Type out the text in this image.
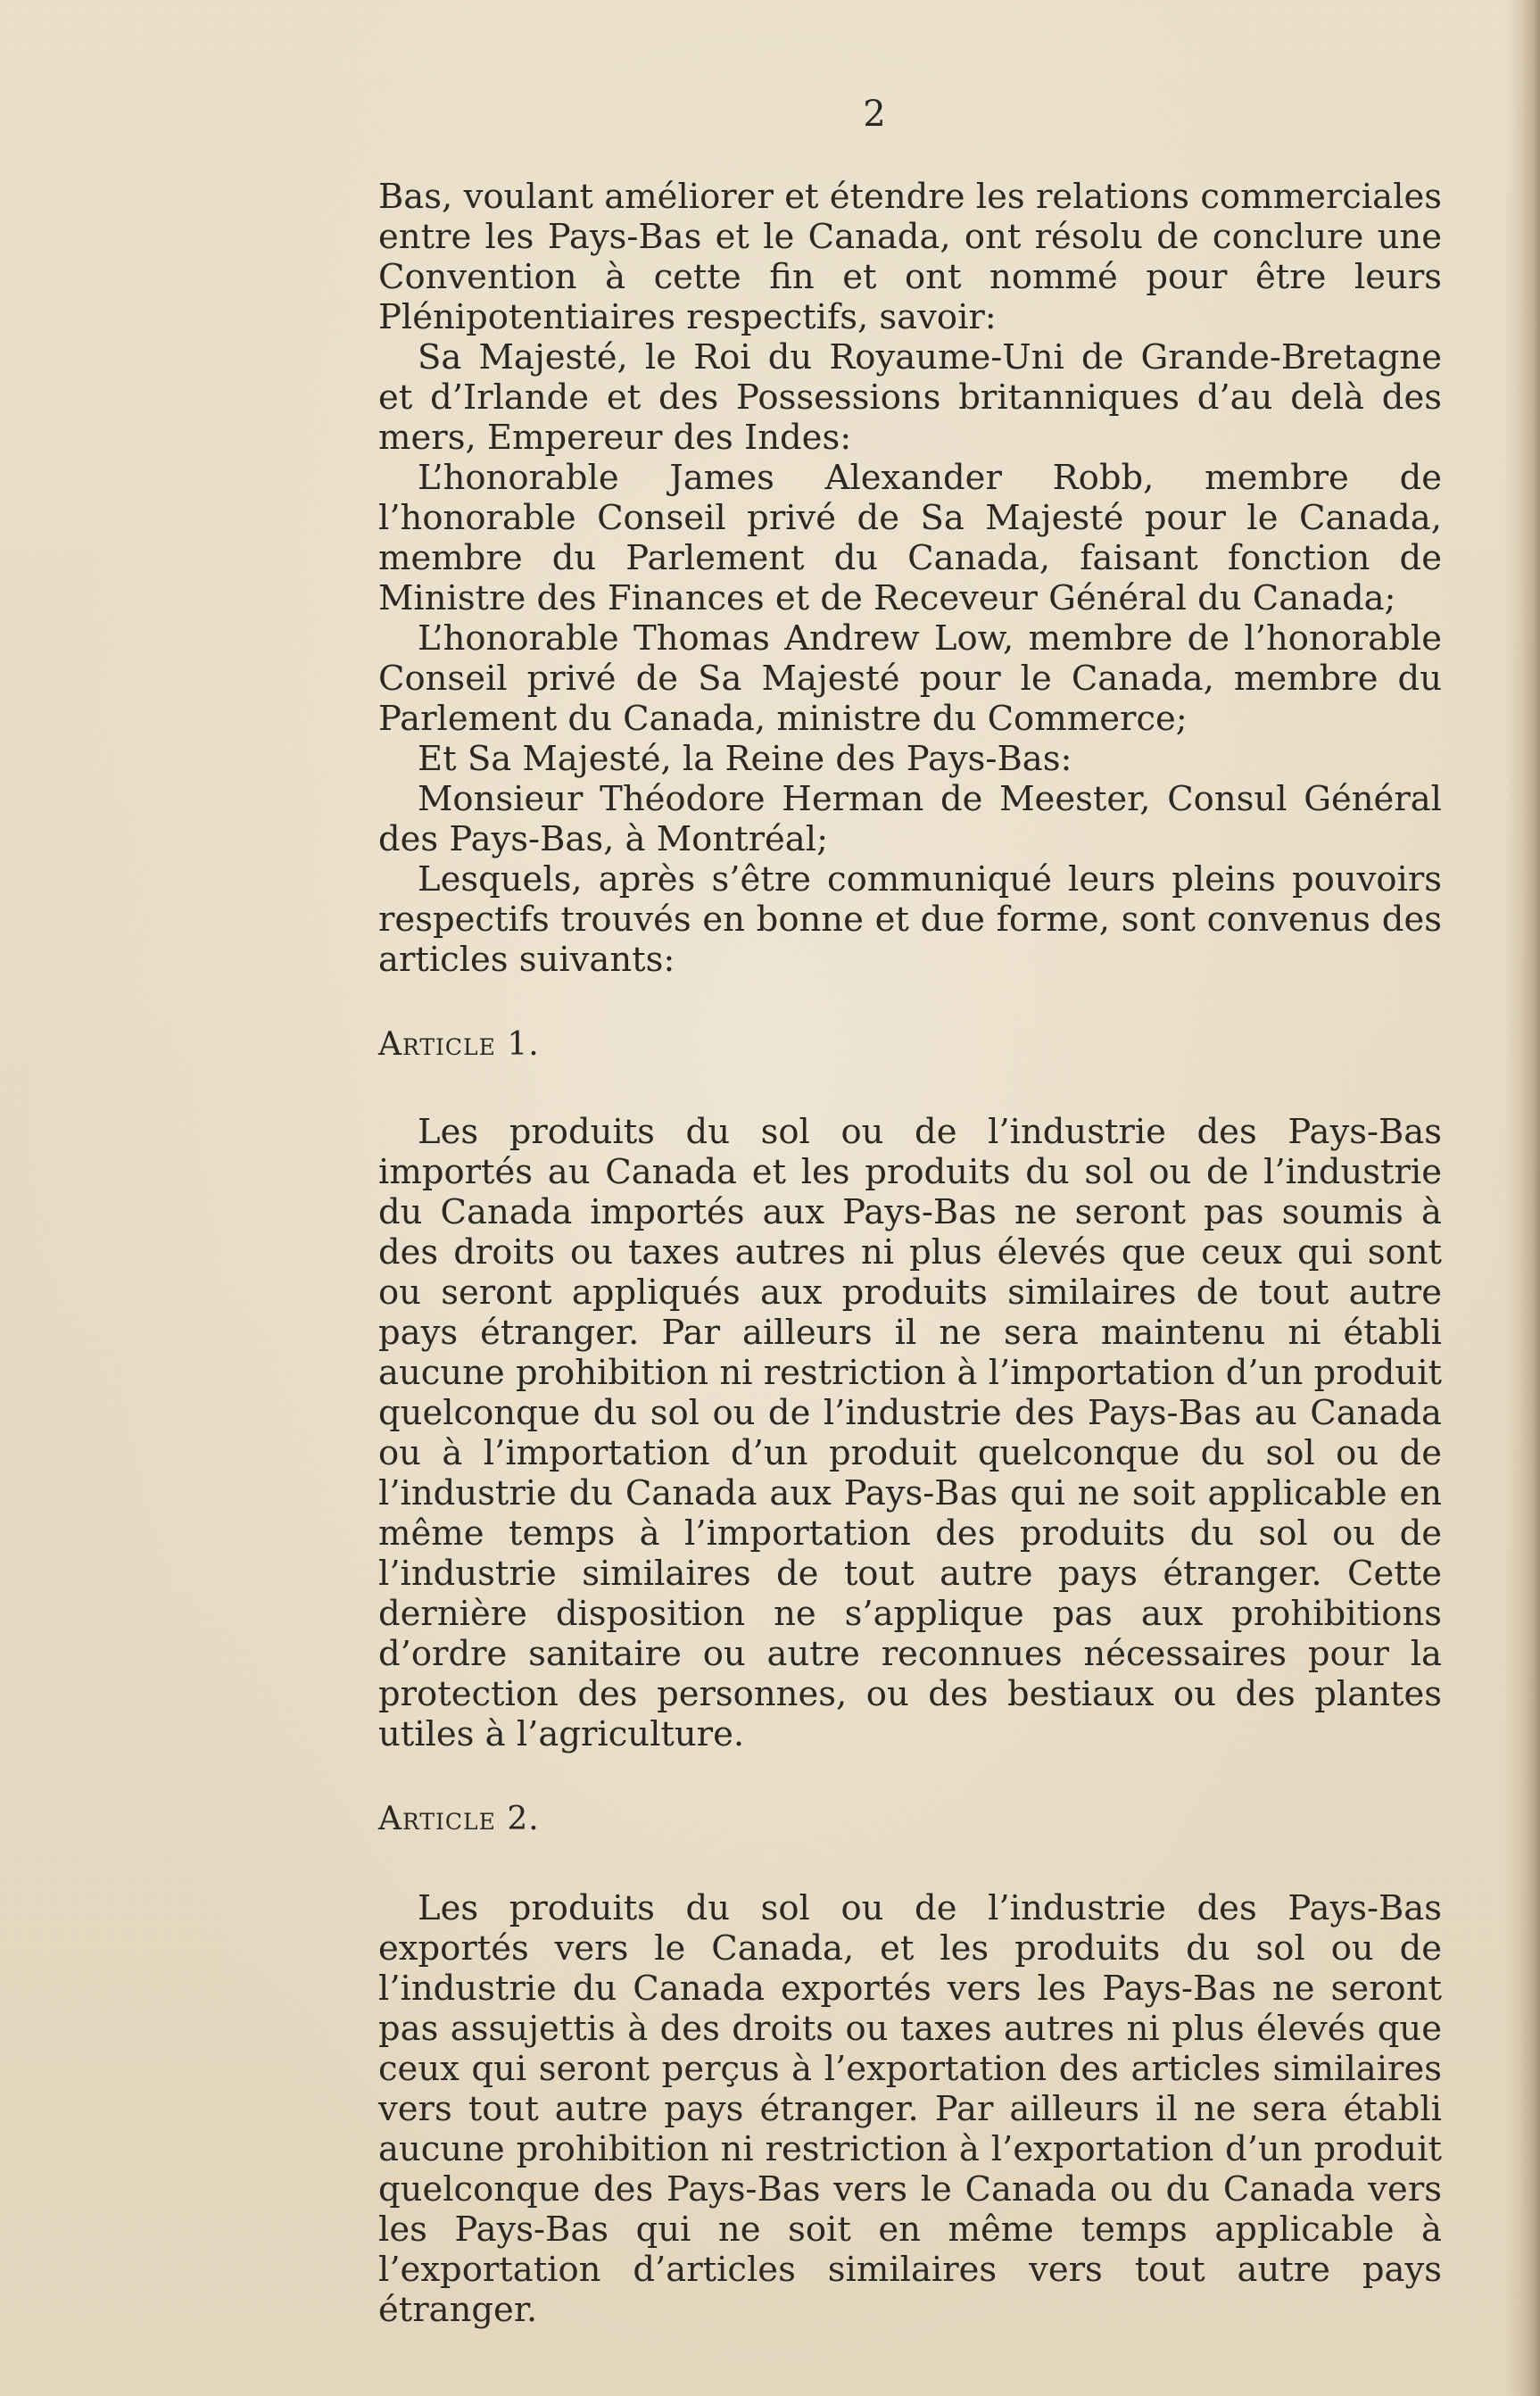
2

Bas, voulant améliorer et étendre les relations commerciales entre les Pays-Bas et le Canada, ont résolu de conclure une Convention à cette fin et ont nommé pour être leurs Plénipotentiaires respectifs, savoir:

Sa Majesté, le Roi du Royaume-Uni de Grande-Bretagne et d’Irlande et des Possessions britanniques d’au delà des mers, Empereur des Indes:

L’honorable James Alexander Robb, membre de l’honorable Conseil privé de Sa Majesté pour le Canada, membre du Parlement du Canada, faisant fonction de Ministre des Finances et de Receveur Général du Canada;

L’honorable Thomas Andrew Low, membre de l’honorable Conseil privé de Sa Majesté pour le Canada, membre du Parlement du Canada, ministre du Commerce;

Et Sa Majesté, la Reine des Pays-Bas:

Monsieur Théodore Herman de Meester, Consul Général des Pays-Bas, à Montréal;

Lesquels, après s’être communiqué leurs pleins pouvoirs respectifs trouvés en bonne et due forme, sont convenus des articles suivants:

Article 1.

Les produits du sol ou de l’industrie des Pays-Bas importés au Canada et les produits du sol ou de l’industrie du Canada importés aux Pays-Bas ne seront pas soumis à des droits ou taxes autres ni plus élevés que ceux qui sont ou seront appliqués aux produits similaires de tout autre pays étranger. Par ailleurs il ne sera maintenu ni établi aucune prohibition ni restriction à l’importation d’un produit quelconque du sol ou de l’industrie des Pays-Bas au Canada ou à l’importation d’un produit quelconque du sol ou de l’industrie du Canada aux Pays-Bas qui ne soit applicable en même temps à l’importation des produits du sol ou de l’industrie similaires de tout autre pays étranger. Cette dernière disposition ne s’applique pas aux prohibitions d’ordre sanitaire ou autre reconnues nécessaires pour la protection des personnes, ou des bestiaux ou des plantes utiles à l’agriculture.

Article 2.

Les produits du sol ou de l’industrie des Pays-Bas exportés vers le Canada, et les produits du sol ou de l’industrie du Canada exportés vers les Pays-Bas ne seront pas assujettis à des droits ou taxes autres ni plus élevés que ceux qui seront perçus à l’exportation des articles similaires vers tout autre pays étranger. Par ailleurs il ne sera établi aucune prohibition ni restriction à l’exportation d’un produit quelconque des Pays-Bas vers le Canada ou du Canada vers les Pays-Bas qui ne soit en même temps applicable à l’exportation d’articles similaires vers tout autre pays étranger.
